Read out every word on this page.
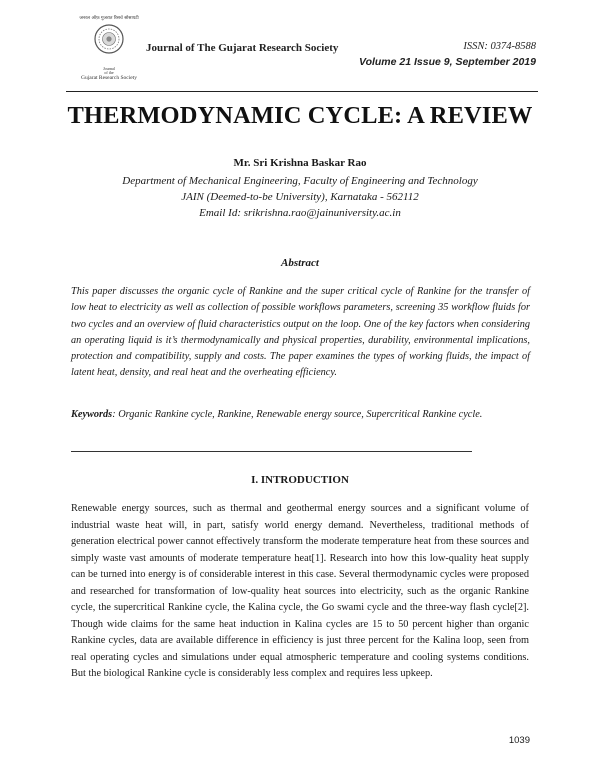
जनरल ऑफ़ गुजरात रिसर्च सोसायटी
Journal
of the
Gujarat Research Society
Journal of The Gujarat Research Society	ISSN: 0374-8588
Volume 21 Issue 9, September 2019
THERMODYNAMIC CYCLE: A REVIEW
Mr. Sri Krishna Baskar Rao
Department of Mechanical Engineering, Faculty of Engineering and Technology
JAIN (Deemed-to-be University), Karnataka - 562112
Email Id: srikrishna.rao@jainuniversity.ac.in
Abstract

This paper discusses the organic cycle of Rankine and the super critical cycle of Rankine for the transfer of low heat to electricity as well as collection of possible workflows parameters, screening 35 workflow fluids for two cycles and an overview of fluid characteristics output on the loop. One of the key factors when considering an operating liquid is it’s thermodynamically and physical properties, durability, environmental implications, protection and compatibility, supply and costs. The paper examines the types of working fluids, the impact of latent heat, density, and real heat and the overheating efficiency.

Keywords: Organic Rankine cycle, Rankine, Renewable energy source, Supercritical Rankine cycle.

I. INTRODUCTION

Renewable energy sources, such as thermal and geothermal energy sources and a significant volume of industrial waste heat will, in part, satisfy world energy demand. Nevertheless, traditional methods of generation electrical power cannot effectively transform the moderate temperature heat from these sources and simply waste vast amounts of moderate temperature heat[1]. Research into how this low-quality heat supply can be turned into energy is of considerable interest in this case. Several thermodynamic cycles were proposed and researched for transformation of low-quality heat sources into electricity, such as the organic Rankine cycle, the supercritical Rankine cycle, the Kalina cycle, the Go swami cycle and the three-way flash cycle[2]. Though wide claims for the same heat induction in Kalina cycles are 15 to 50 percent higher than organic Rankine cycles, data are available difference in efficiency is just three percent for the Kalina loop, seen from real operating cycles and simulations under equal atmospheric temperature and cooling systems conditions. But the biological Rankine cycle is considerably less complex and requires less upkeep.

1039
